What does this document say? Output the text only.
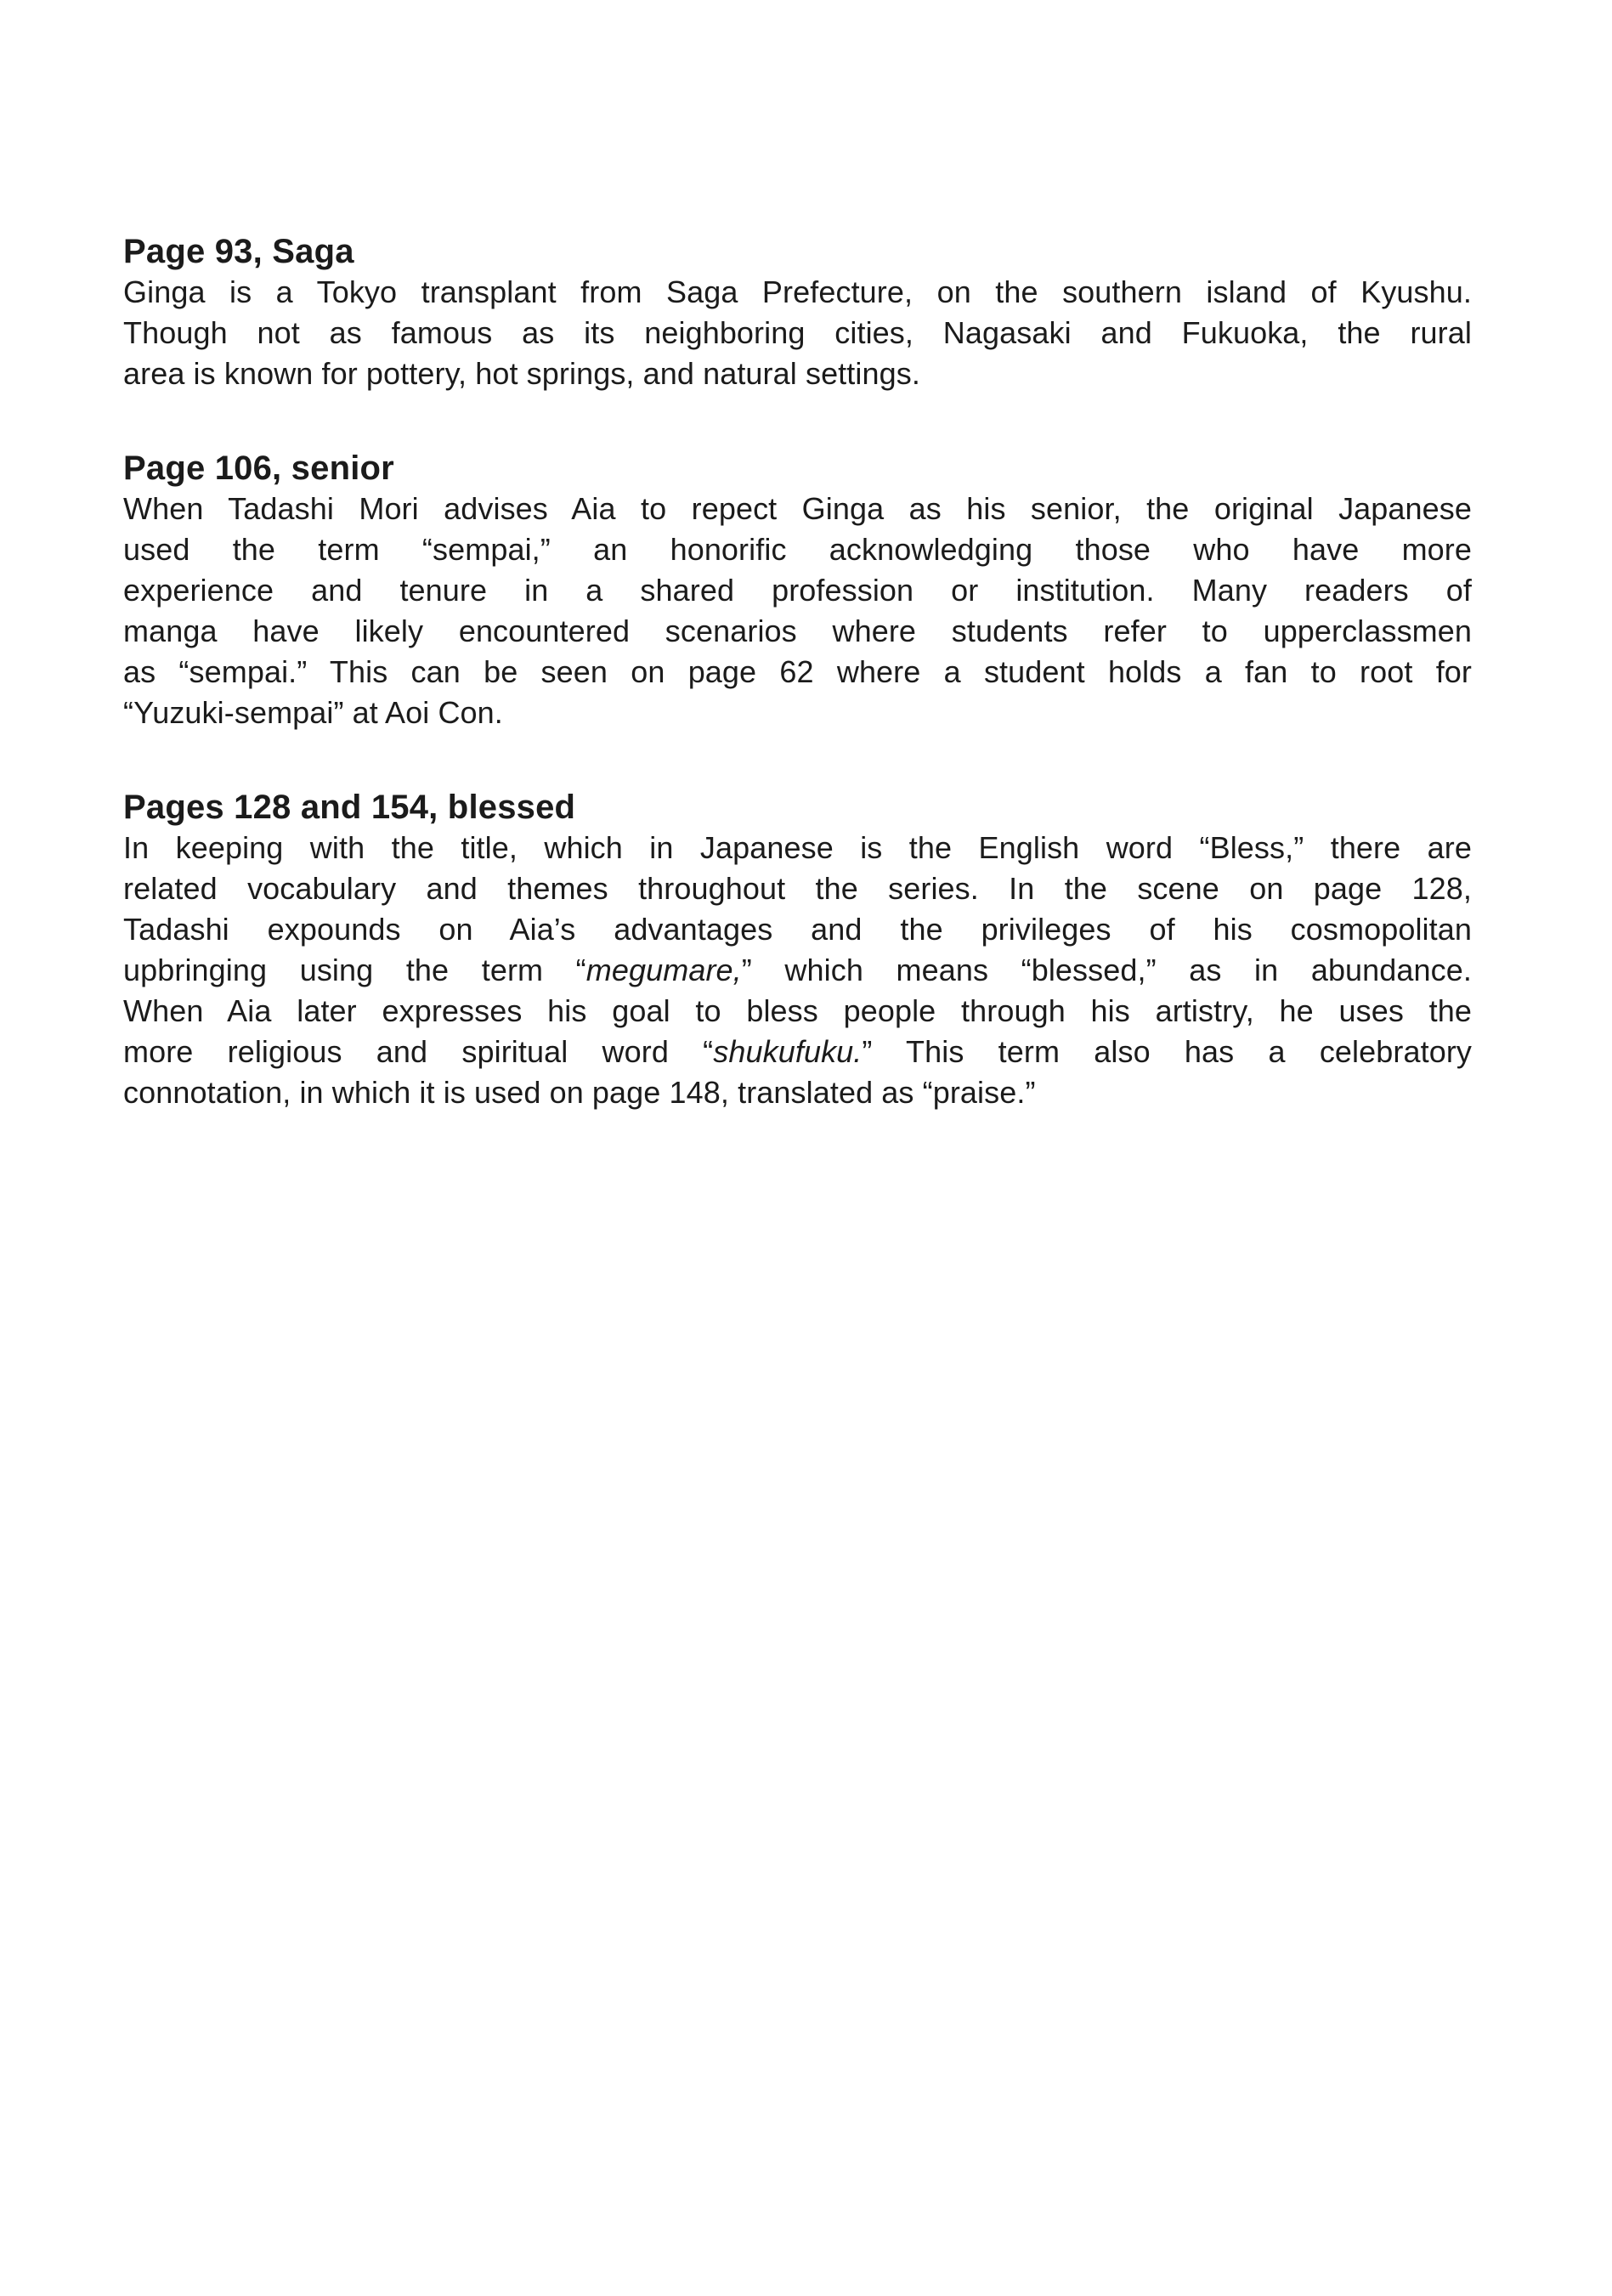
Page 93, Saga
Ginga is a Tokyo transplant from Saga Prefecture, on the southern island of Kyushu.
Though not as famous as its neighboring cities, Nagasaki and Fukuoka, the rural
area is known for pottery, hot springs, and natural settings.
Page 106, senior
When Tadashi Mori advises Aia to repect Ginga as his senior, the original Japanese
used the term “sempai,” an honorific acknowledging those who have more
experience and tenure in a shared profession or institution. Many readers of
manga have likely encountered scenarios where students refer to upperclassmen
as “sempai.” This can be seen on page 62 where a student holds a fan to root for
“Yuzuki-sempai” at Aoi Con.
Pages 128 and 154, blessed
In keeping with the title, which in Japanese is the English word “Bless,” there are
related vocabulary and themes throughout the series. In the scene on page 128,
Tadashi expounds on Aia’s advantages and the privileges of his cosmopolitan
upbringing using the term “megumare,” which means “blessed,” as in abundance.
When Aia later expresses his goal to bless people through his artistry, he uses the
more religious and spiritual word “shukufuku.” This term also has a celebratory
connotation, in which it is used on page 148, translated as “praise.”
